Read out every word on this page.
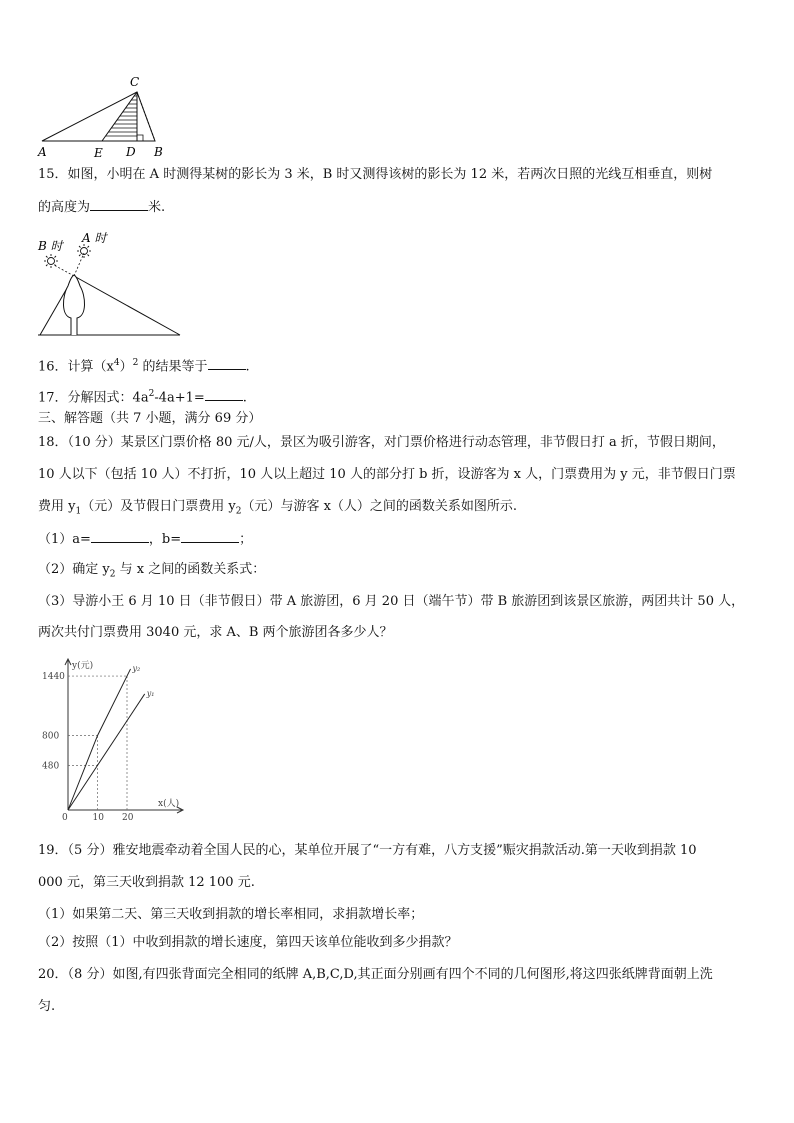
C
A	E D B
15．如图，小明在 A 时测得某树的影长为 3 米，B 时又测得该树的影长为 12 米，若两次日照的光线互相垂直，则树
的高度为	米.
B 时
A 时
16．计算$(x^4)^2$ 的结果等于	.
17．分解因式：$4a^2-4a+1=$	.
三、解答题（共 7 小题，满分 69 分）
18．（10 分）某景区门票价格 80 元/人，景区为吸引游客，对门票价格进行动态管理，非节假日打 a 折，节假日期间，
10 人以下（包括 10 人）不打折，10 人以上超过 10 人的部分打 b 折，设游客为 x 人，门票费用为 y 元，非节假日门票
费用 $y_1$（元）及节假日门票费用 $y_2$（元）与游客 x（人）之间的函数关系如图所示.
（1）a=	，b=	；
（2）确定 $y_2$ 与 x 之间的函数关系式：
（3）导游小王 6 月 10 日（非节假日）带 A 旅游团，6 月 20 日（端午节）带 B 旅游团到该景区旅游，两团共计 50 人，
两次共付门票费用 3040 元，求 A、B 两个旅游团各多少人？
y(元)
x(人)
0	10 20
480
800
1440
y₂
y₁
19．（5 分）雅安地震牵动着全国人民的心，某单位开展了“一方有难，八方支援”赈灾捐款活动.第一天收到捐款 10
000 元，第三天收到捐款 12 100 元.
（1）如果第二天、第三天收到捐款的增长率相同，求捐款增长率；
（2）按照（1）中收到捐款的增长速度，第四天该单位能收到多少捐款？
20．（8 分）如图,有四张背面完全相同的纸牌 A,B,C,D,其正面分别画有四个不同的几何图形,将这四张纸牌背面朝上洗
匀.
